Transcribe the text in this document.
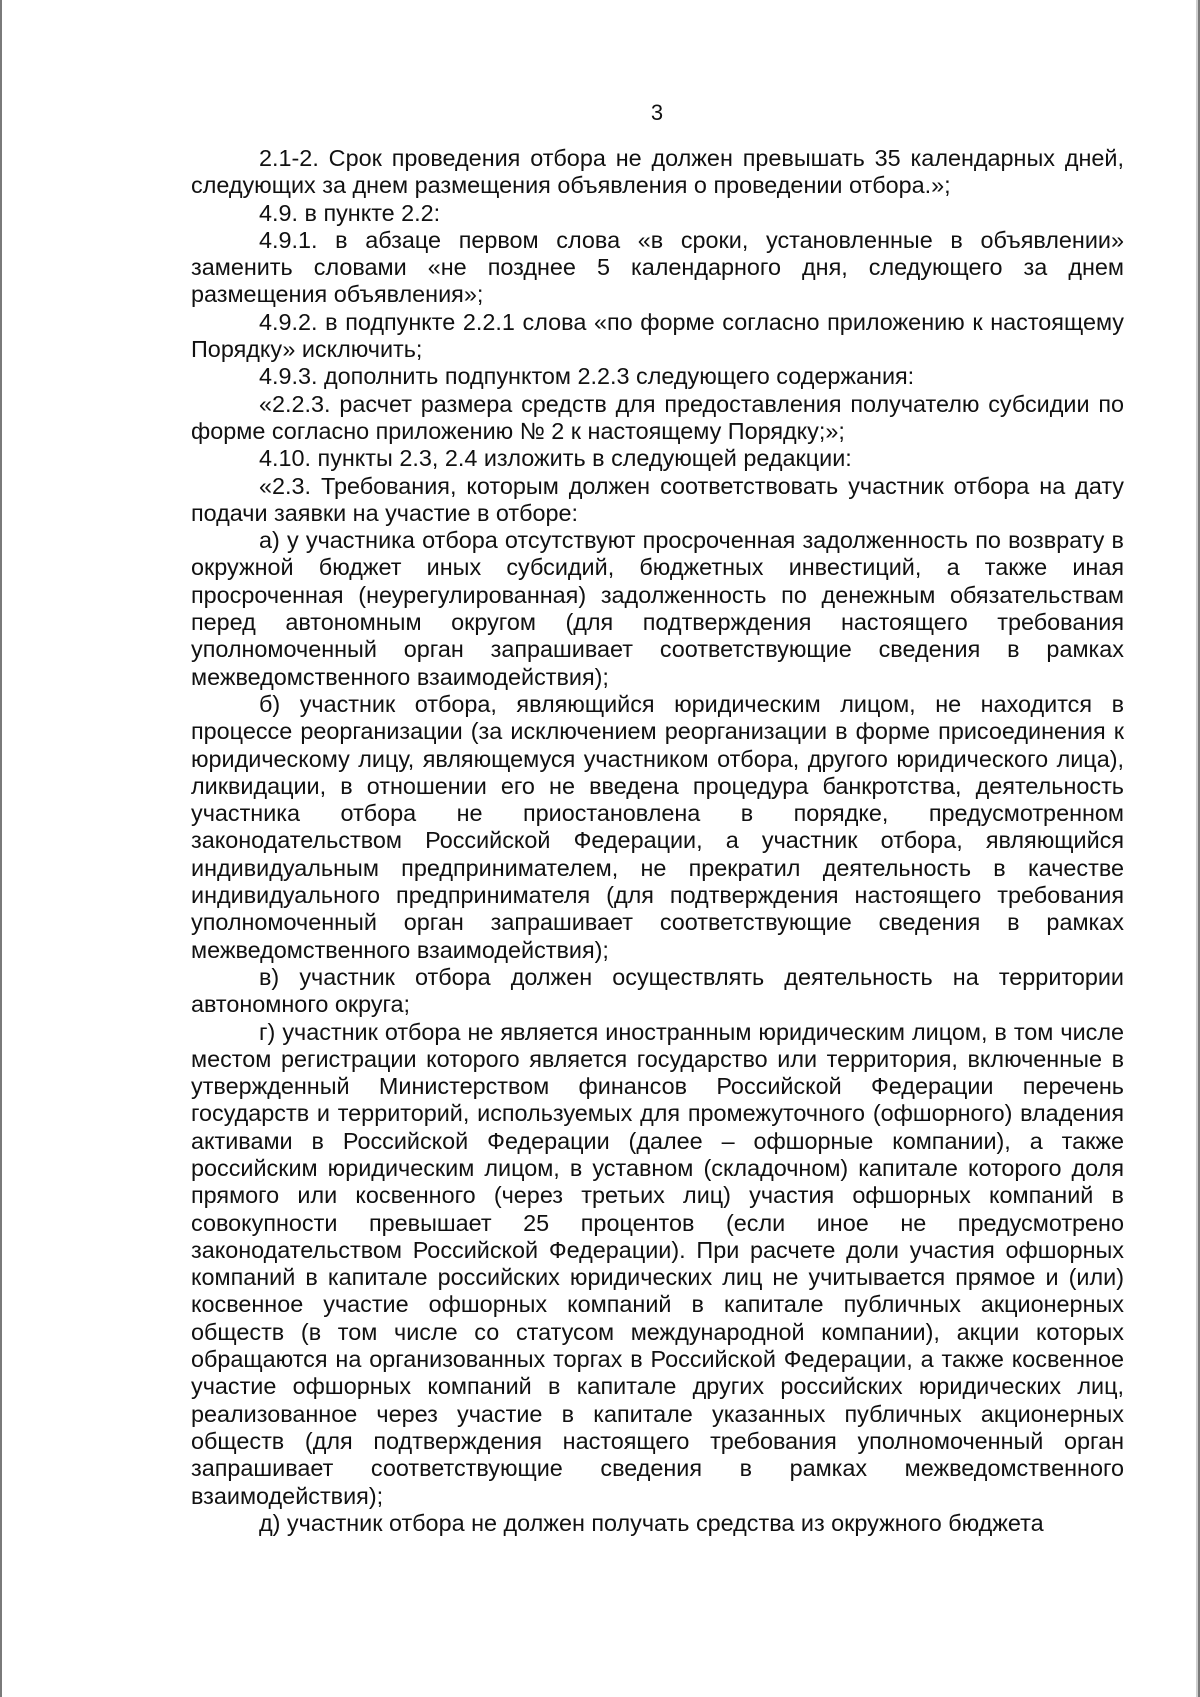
3

2.1-2. Срок проведения отбора не должен превышать 35 календарных дней, следующих за днем размещения объявления о проведении отбора.»;

4.9. в пункте 2.2:

4.9.1. в абзаце первом слова «в сроки, установленные в объявлении» заменить словами «не позднее 5 календарного дня, следующего за днем размещения объявления»;

4.9.2. в подпункте 2.2.1 слова «по форме согласно приложению к настоящему Порядку» исключить;

4.9.3. дополнить подпунктом 2.2.3 следующего содержания:

«2.2.3. расчет размера средств для предоставления получателю субсидии по форме согласно приложению № 2 к настоящему Порядку;»;

4.10. пункты 2.3, 2.4 изложить в следующей редакции:

«2.3. Требования, которым должен соответствовать участник отбора на дату подачи заявки на участие в отборе:

а) у участника отбора отсутствуют просроченная задолженность по возврату в окружной бюджет иных субсидий, бюджетных инвестиций, а также иная просроченная (неурегулированная) задолженность по денежным обязательствам перед автономным округом (для подтверждения настоящего требования уполномоченный орган запрашивает соответствующие сведения в рамках межведомственного взаимодействия);

б) участник отбора, являющийся юридическим лицом, не находится в процессе реорганизации (за исключением реорганизации в форме присоединения к юридическому лицу, являющемуся участником отбора, другого юридического лица), ликвидации, в отношении его не введена процедура банкротства, деятельность участника отбора не приостановлена в порядке, предусмотренном законодательством Российской Федерации, а участник отбора, являющийся индивидуальным предпринимателем, не прекратил деятельность в качестве индивидуального предпринимателя (для подтверждения настоящего требования уполномоченный орган запрашивает соответствующие сведения в рамках межведомственного взаимодействия);

в) участник отбора должен осуществлять деятельность на территории автономного округа;

г) участник отбора не является иностранным юридическим лицом, в том числе местом регистрации которого является государство или территория, включенные в утвержденный Министерством финансов Российской Федерации перечень государств и территорий, используемых для промежуточного (офшорного) владения активами в Российской Федерации (далее – офшорные компании), а также российским юридическим лицом, в уставном (складочном) капитале которого доля прямого или косвенного (через третьих лиц) участия офшорных компаний в совокупности превышает 25 процентов (если иное не предусмотрено законодательством Российской Федерации). При расчете доли участия офшорных компаний в капитале российских юридических лиц не учитывается прямое и (или) косвенное участие офшорных компаний в капитале публичных акционерных обществ (в том числе со статусом международной компании), акции которых обращаются на организованных торгах в Российской Федерации, а также косвенное участие офшорных компаний в капитале других российских юридических лиц, реализованное через участие в капитале указанных публичных акционерных обществ (для подтверждения настоящего требования уполномоченный орган запрашивает соответствующие сведения в рамках межведомственного взаимодействия);

д) участник отбора не должен получать средства из окружного бюджета
